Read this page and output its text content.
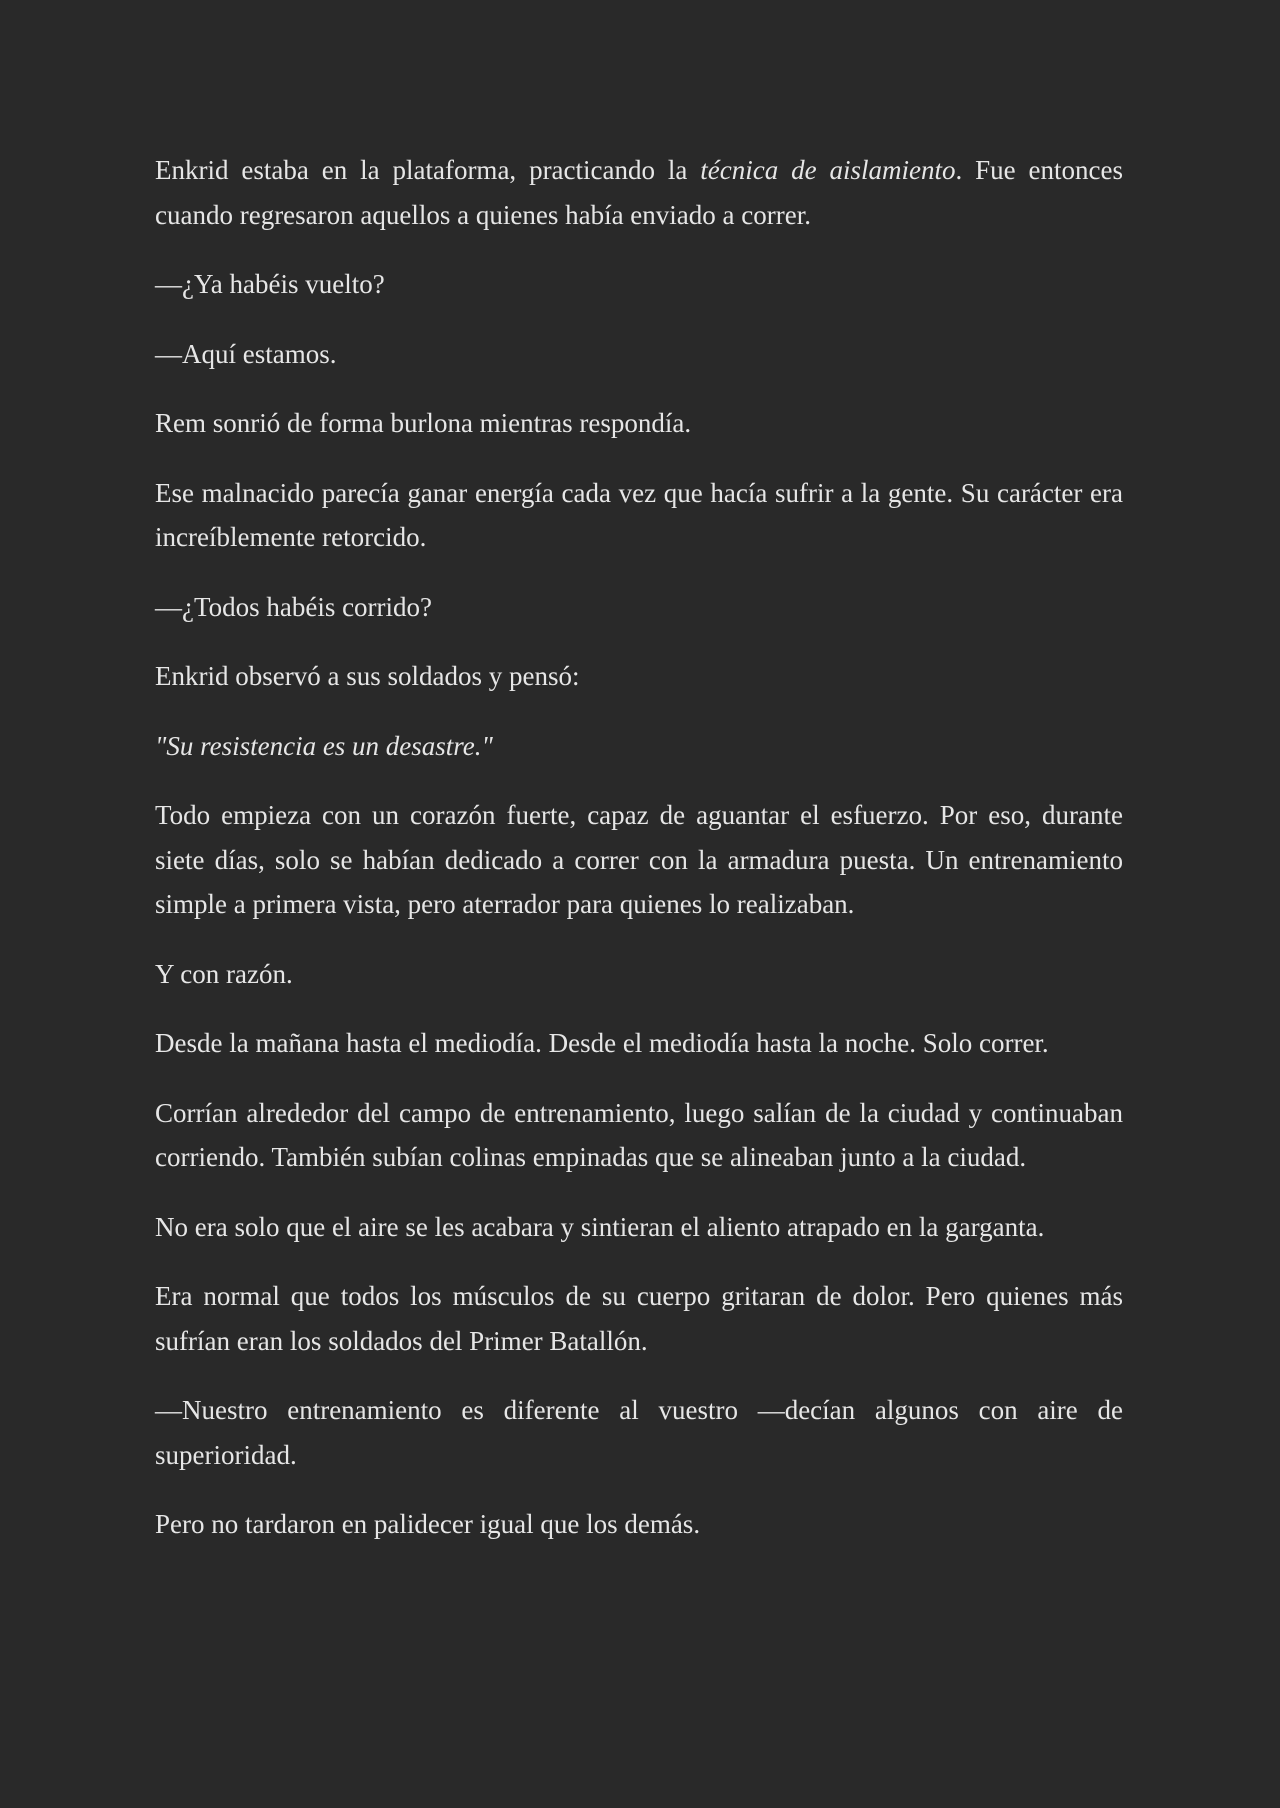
Enkrid estaba en la plataforma, practicando la técnica de aislamiento. Fue entonces cuando regresaron aquellos a quienes había enviado a correr.

—¿Ya habéis vuelto?

—Aquí estamos.

Rem sonrió de forma burlona mientras respondía.

Ese malnacido parecía ganar energía cada vez que hacía sufrir a la gente. Su carácter era increíblemente retorcido.

—¿Todos habéis corrido?

Enkrid observó a sus soldados y pensó:

"Su resistencia es un desastre."

Todo empieza con un corazón fuerte, capaz de aguantar el esfuerzo. Por eso, durante siete días, solo se habían dedicado a correr con la armadura puesta. Un entrenamiento simple a primera vista, pero aterrador para quienes lo realizaban.

Y con razón.

Desde la mañana hasta el mediodía. Desde el mediodía hasta la noche. Solo correr.

Corrían alrededor del campo de entrenamiento, luego salían de la ciudad y continuaban corriendo. También subían colinas empinadas que se alineaban junto a la ciudad.

No era solo que el aire se les acabara y sintieran el aliento atrapado en la garganta.

Era normal que todos los músculos de su cuerpo gritaran de dolor. Pero quienes más sufrían eran los soldados del Primer Batallón.

—Nuestro entrenamiento es diferente al vuestro —decían algunos con aire de superioridad.

Pero no tardaron en palidecer igual que los demás.
